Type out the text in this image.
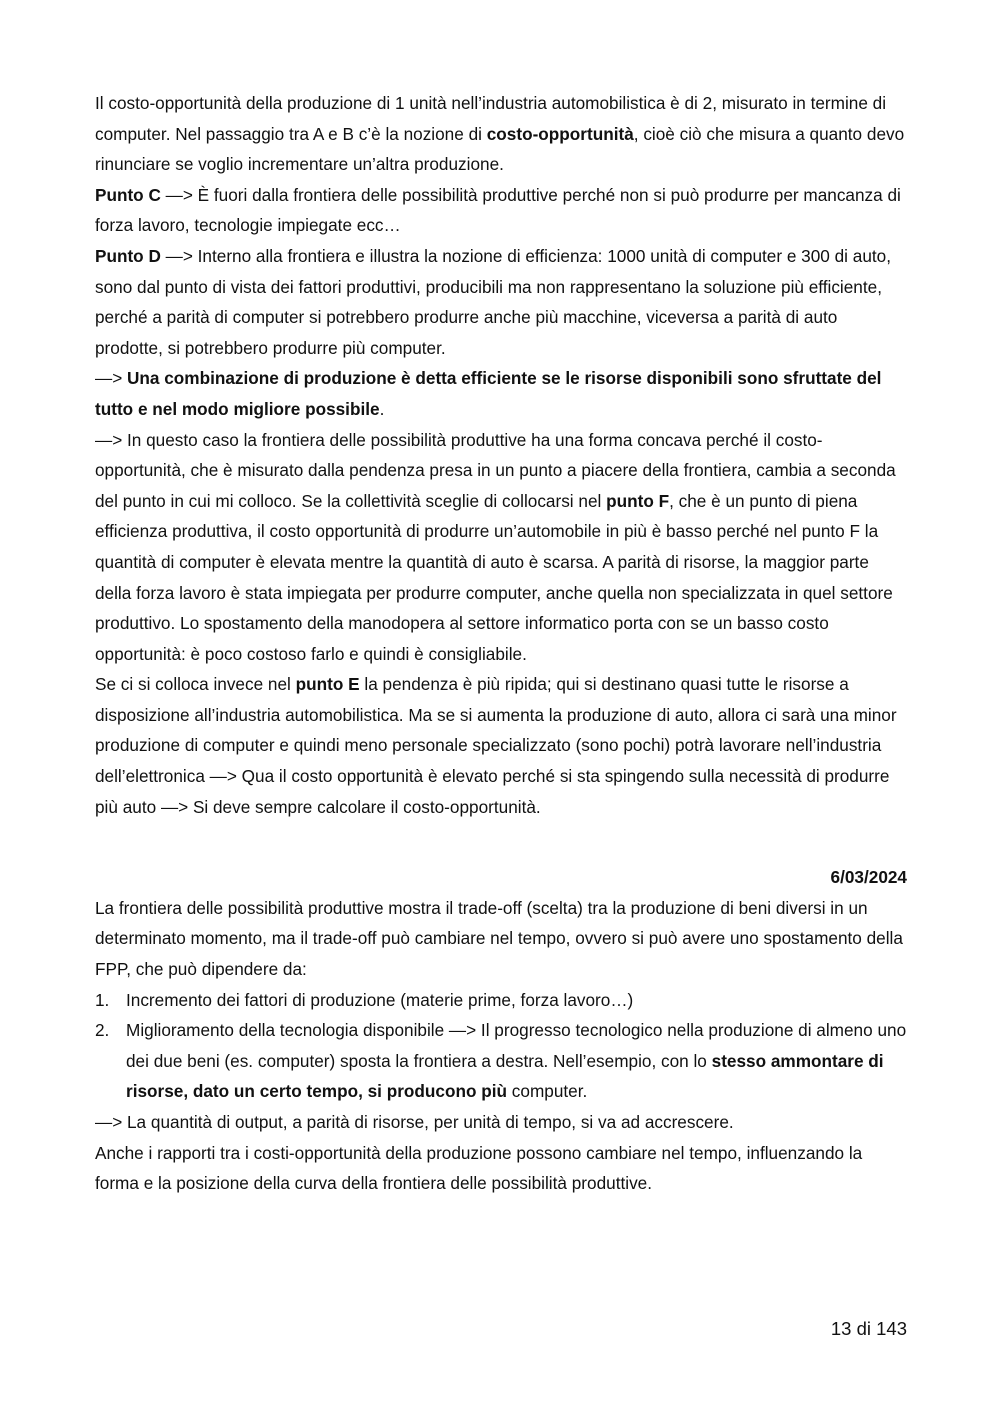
Il costo-opportunità della produzione di 1 unità nell’industria automobilistica è di 2, misurato in termine di computer. Nel passaggio tra A e B c’è la nozione di costo-opportunità, cioè ciò che misura a quanto devo rinunciare se voglio incrementare un’altra produzione.

Punto C —> È fuori dalla frontiera delle possibilità produttive perché non si può produrre per mancanza di forza lavoro, tecnologie impiegate ecc…

Punto D —> Interno alla frontiera e illustra la nozione di efficienza: 1000 unità di computer e 300 di auto, sono dal punto di vista dei fattori produttivi, producibili ma non rappresentano la soluzione più efficiente, perché a parità di computer si potrebbero produrre anche più macchine, viceversa a parità di auto prodotte, si potrebbero produrre più computer.

—> Una combinazione di produzione è detta efficiente se le risorse disponibili sono sfruttate del tutto e nel modo migliore possibile.

—> In questo caso la frontiera delle possibilità produttive ha una forma concava perché il costo-opportunità, che è misurato dalla pendenza presa in un punto a piacere della frontiera, cambia a seconda del punto in cui mi colloco. Se la collettività sceglie di collocarsi nel punto F, che è un punto di piena efficienza produttiva, il costo opportunità di produrre un’automobile in più è basso perché nel punto F la quantità di computer è elevata mentre la quantità di auto è scarsa. A parità di risorse, la maggior parte della forza lavoro è stata impiegata per produrre computer, anche quella non specializzata in quel settore produttivo. Lo spostamento della manodopera al settore informatico porta con se un basso costo opportunità: è poco costoso farlo e quindi è consigliabile.

Se ci si colloca invece nel punto E la pendenza è più ripida; qui si destinano quasi tutte le risorse a disposizione all’industria automobilistica. Ma se si aumenta la produzione di auto, allora ci sarà una minor produzione di computer e quindi meno personale specializzato (sono pochi) potrà lavorare nell’industria dell’elettronica —> Qua il costo opportunità è elevato perché si sta spingendo sulla necessità di produrre più auto —> Si deve sempre calcolare il costo-opportunità.

6/03/2024

La frontiera delle possibilità produttive mostra il trade-off (scelta) tra la produzione di beni diversi in un determinato momento, ma il trade-off può cambiare nel tempo, ovvero si può avere uno spostamento della FPP, che può dipendere da:

1. Incremento dei fattori di produzione (materie prime, forza lavoro…)
2. Miglioramento della tecnologia disponibile —> Il progresso tecnologico nella produzione di almeno uno dei due beni (es. computer) sposta la frontiera a destra. Nell’esempio, con lo stesso ammontare di risorse, dato un certo tempo, si producono più computer.

—> La quantità di output, a parità di risorse, per unità di tempo, si va ad accrescere.

Anche i rapporti tra i costi-opportunità della produzione possono cambiare nel tempo, influenzando la forma e la posizione della curva della frontiera delle possibilità produttive.

13 di 143
